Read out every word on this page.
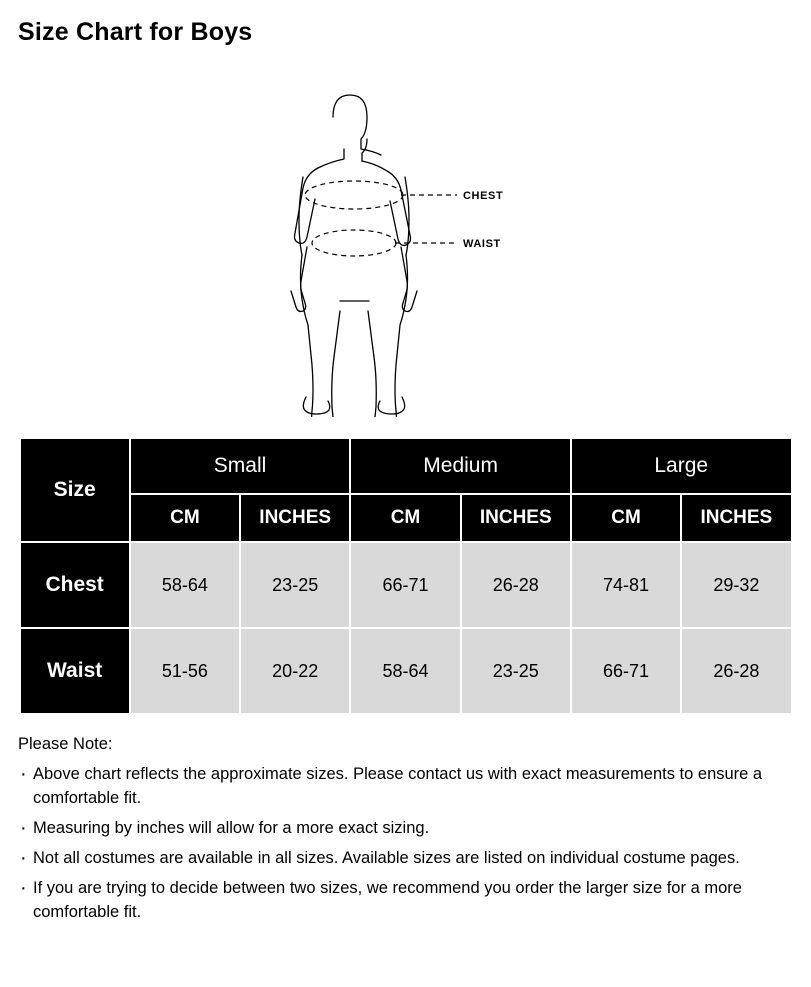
Size Chart for Boys
CHEST
WAIST
Size	Small		Medium		Large	
	CM	INCHES	CM	INCHES	CM	INCHES
Chest	58-64	23-25	66-71	26-28	74-81	29-32
Waist	51-56	20-22	58-64	23-25	66-71	26-28
Please Note:
· Above chart reflects the approximate sizes. Please contact us with exact measurements to ensure a comfortable fit.
· Measuring by inches will allow for a more exact sizing.
· Not all costumes are available in all sizes. Available sizes are listed on individual costume pages.
· If you are trying to decide between two sizes, we recommend you order the larger size for a more comfortable fit.
